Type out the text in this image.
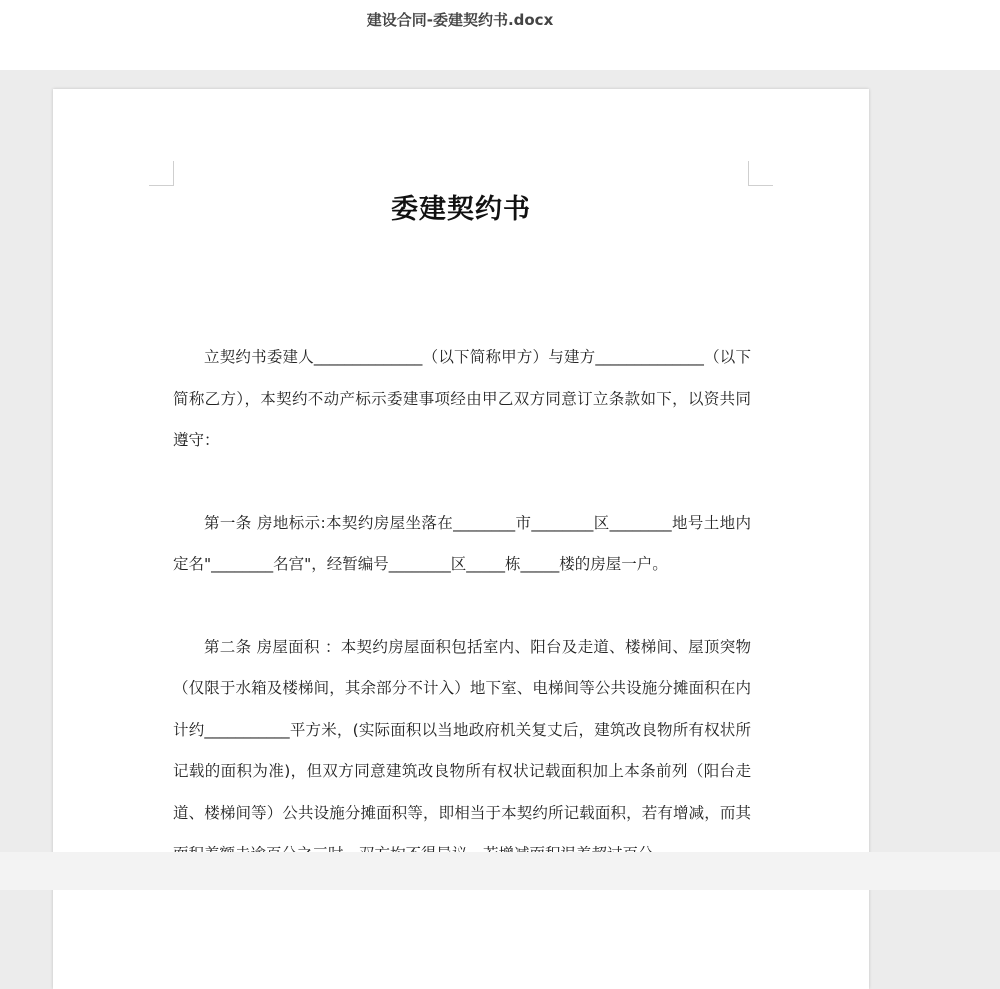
建设合同-委建契约书.docx
委建契约书

立契约书委建人______________（以下简称甲方）与建方______________（以下简称乙方），本契约不动产标示委建事项经由甲乙双方同意订立条款如下，以资共同遵守：

第一条 房地标示:本契约房屋坐落在________市________区________地号土地内定名"________名宫"，经暂编号________区_____栋_____楼的房屋一户。

第二条 房屋面积 ：本契约房屋面积包括室内、阳台及走道、楼梯间、屋顶突物（仅限于水箱及楼梯间，其余部分不计入）地下室、电梯间等公共设施分摊面积在内计约___________平方米，(实际面积以当地政府机关复丈后，建筑改良物所有权状所记载的面积为准)，但双方同意建筑改良物所有权状记载面积加上本条前列（阳台走道、楼梯间等）公共设施分摊面积等，即相当于本契约所记载面积，若有增减，而其
